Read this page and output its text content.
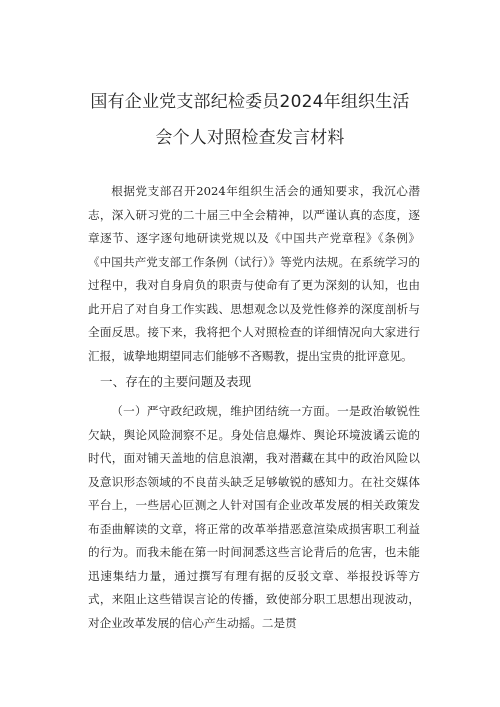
国有企业党支部纪检委员2024年组织生活
会个人对照检查发言材料

根据党支部召开2024年组织生活会的通知要求，我沉心潜志，深入研习党的二十届三中全会精神，以严谨认真的态度，逐章逐节、逐字逐句地研读党规以及《中国共产党章程》《条例》《中国共产党支部工作条例（试行）》等党内法规。在系统学习的过程中，我对自身肩负的职责与使命有了更为深刻的认知，也由此开启了对自身工作实践、思想观念以及党性修养的深度剖析与全面反思。接下来，我将把个人对照检查的详细情况向大家进行汇报，诚挚地期望同志们能够不吝赐教，提出宝贵的批评意见。

一、存在的主要问题及表现

（一）严守政纪政规，维护团结统一方面。一是政治敏锐性欠缺，舆论风险洞察不足。身处信息爆炸、舆论环境波谲云诡的时代，面对铺天盖地的信息浪潮，我对潜藏在其中的政治风险以及意识形态领域的不良苗头缺乏足够敏锐的感知力。在社交媒体平台上，一些居心叵测之人针对国有企业改革发展的相关政策发布歪曲解读的文章，将正常的改革举措恶意渲染成损害职工利益的行为。而我未能在第一时间洞悉这些言论背后的危害，也未能迅速集结力量，通过撰写有理有据的反驳文章、举报投诉等方式，来阻止这些错误言论的传播，致使部分职工思想出现波动，对企业改革发展的信心产生动摇。二是贯
